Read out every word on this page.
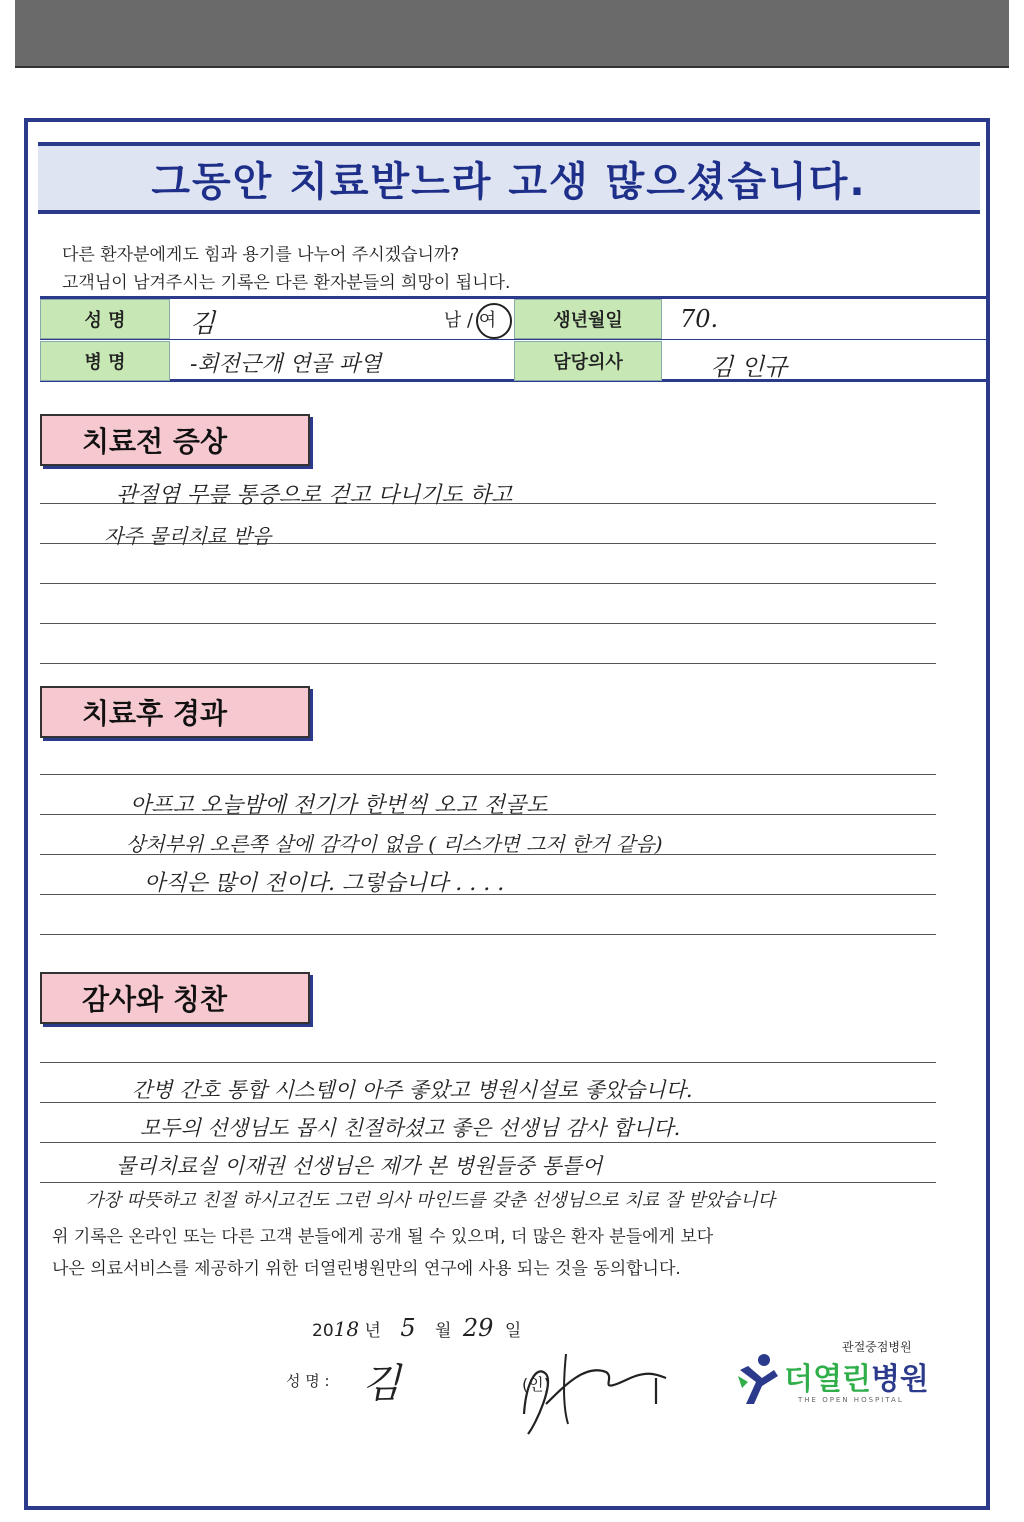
그동안 치료받느라 고생 많으셨습니다.
다른 환자분에게도 힘과 용기를 나누어 주시겠습니까?
고객님이 남겨주시는 기록은 다른 환자분들의 희망이 됩니다.
성 명	김	남 / 여	생년월일	70.
병 명	-회전근개 연골 파열	담당의사	김 인규
치료전 증상
관절염 무릎 통증으로 걷고 다니기도 하고
자주 물리치료 받음
치료후 경과
아프고 오늘밤에 전기가 한번씩 오고 전골도
상처부위 오른쪽 살에 감각이 없음 ( 리스가면 그저 한거 같음)
아직은 많이 전이다. 그렇습니다 . . . .
감사와 칭찬
간병 간호 통합 시스템이 아주 좋았고 병원시설로 좋았습니다.
모두의 선생님도 몹시 친절하셨고 좋은 선생님 감사 합니다.
물리치료실 이재권 선생님은 제가 본 병원들중 통틀어
가장 따뜻하고 친절 하시고건도 그런 의사 마인드를 갖춘 선생님으로 치료 잘 받았습니다
위 기록은 온라인 또는 다른 고객 분들에게 공개 될 수 있으며, 더 많은 환자 분들에게 보다
나은 의료서비스를 제공하기 위한 더열린병원만의 연구에 사용 되는 것을 동의합니다.
2018 년 5 월 29 일
성 명 : 김	(인)
관절중점병원
더열린병원
THE OPEN HOSPITAL
